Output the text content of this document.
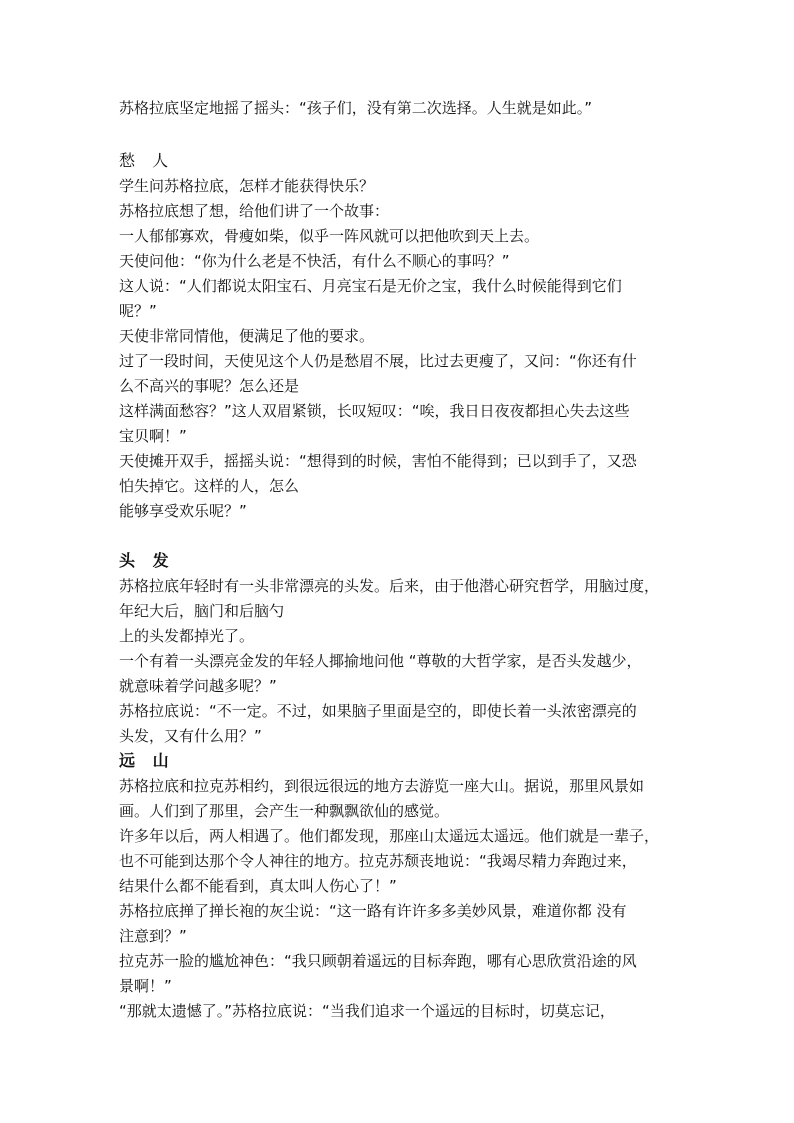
苏格拉底坚定地摇了摇头：“孩子们，没有第二次选择。人生就是如此。”
愁 人
学生问苏格拉底，怎样才能获得快乐？
苏格拉底想了想，给他们讲了一个故事：
一人郁郁寡欢，骨瘦如柴，似乎一阵风就可以把他吹到天上去。
天使问他：“你为什么老是不快活，有什么不顺心的事吗？”
这人说：“人们都说太阳宝石、月亮宝石是无价之宝，我什么时候能得到它们
呢？”
天使非常同情他，便满足了他的要求。
过了一段时间，天使见这个人仍是愁眉不展，比过去更瘦了，又问：“你还有什
么不高兴的事呢？怎么还是
这样满面愁容？”这人双眉紧锁，长叹短叹：“唉，我日日夜夜都担心失去这些
宝贝啊！”
天使摊开双手，摇摇头说：“想得到的时候，害怕不能得到；已以到手了，又恐
怕失掉它。这样的人，怎么
能够享受欢乐呢？”
头 发
苏格拉底年轻时有一头非常漂亮的头发。后来，由于他潜心研究哲学，用脑过度，
年纪大后，脑门和后脑勺
上的头发都掉光了。
一个有着一头漂亮金发的年轻人揶揄地问他 “尊敬的大哲学家，是否头发越少，
就意味着学问越多呢？”
苏格拉底说：“不一定。不过，如果脑子里面是空的，即使长着一头浓密漂亮的
头发，又有什么用？”
远 山
苏格拉底和拉克苏相约，到很远很远的地方去游览一座大山。据说，那里风景如
画。人们到了那里，会产生一种飘飘欲仙的感觉。
许多年以后，两人相遇了。他们都发现，那座山太遥远太遥远。他们就是一辈子，
也不可能到达那个令人神往的地方。拉克苏颓丧地说：“我竭尽精力奔跑过来，
结果什么都不能看到，真太叫人伤心了！”
苏格拉底掸了掸长袍的灰尘说：“这一路有许许多多美妙风景，难道你都 没有
注意到？”
拉克苏一脸的尴尬神色：“我只顾朝着遥远的目标奔跑，哪有心思欣赏沿途的风
景啊！”
“那就太遗憾了。”苏格拉底说：“当我们追求一个遥远的目标时，切莫忘记，
